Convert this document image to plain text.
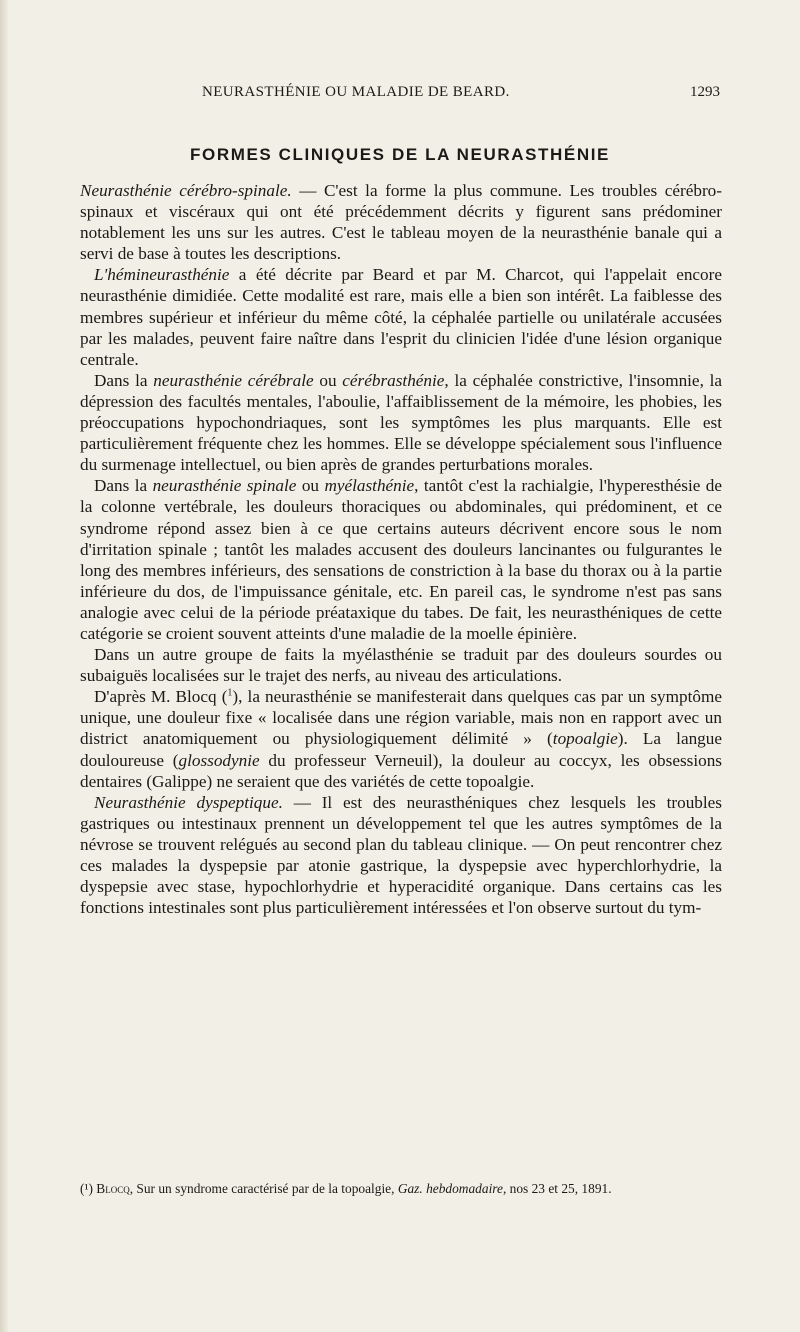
NEURASTHÉNIE OU MALADIE DE BEARD.	1293
FORMES CLINIQUES DE LA NEURASTHÉNIE

Neurasthénie cérébro-spinale. — C'est la forme la plus commune. Les troubles cérébro-spinaux et viscéraux qui ont été précédemment décrits y figurent sans prédominer notablement les uns sur les autres. C'est le tableau moyen de la neurasthénie banale qui a servi de base à toutes les descriptions.

L'hémineurasthénie a été décrite par Beard et par M. Charcot, qui l'appelait encore neurasthénie dimidiée. Cette modalité est rare, mais elle a bien son intérêt. La faiblesse des membres supérieur et inférieur du même côté, la céphalée partielle ou unilatérale accusées par les malades, peuvent faire naître dans l'esprit du clinicien l'idée d'une lésion organique centrale.

Dans la neurasthénie cérébrale ou cérébrasthénie, la céphalée constrictive, l'insomnie, la dépression des facultés mentales, l'aboulie, l'affaiblissement de la mémoire, les phobies, les préoccupations hypochondriaques, sont les symptômes les plus marquants. Elle est particulièrement fréquente chez les hommes. Elle se développe spécialement sous l'influence du surmenage intellectuel, ou bien après de grandes perturbations morales.

Dans la neurasthénie spinale ou myélasthénie, tantôt c'est la rachialgie, l'hyperesthésie de la colonne vertébrale, les douleurs thoraciques ou abdominales, qui prédominent, et ce syndrome répond assez bien à ce que certains auteurs décrivent encore sous le nom d'irritation spinale ; tantôt les malades accusent des douleurs lancinantes ou fulgurantes le long des membres inférieurs, des sensations de constriction à la base du thorax ou à la partie inférieure du dos, de l'impuissance génitale, etc. En pareil cas, le syndrome n'est pas sans analogie avec celui de la période préataxique du tabes. De fait, les neurasthéniques de cette catégorie se croient souvent atteints d'une maladie de la moelle épinière.

Dans un autre groupe de faits la myélasthénie se traduit par des douleurs sourdes ou subaiguës localisées sur le trajet des nerfs, au niveau des articulations.

D'après M. Blocq ($^1$), la neurasthénie se manifesterait dans quelques cas par un symptôme unique, une douleur fixe « localisée dans une région variable, mais non en rapport avec un district anatomiquement ou physiologiquement délimité » (topoalgie). La langue douloureuse (glossodynie du professeur Verneuil), la douleur au coccyx, les obsessions dentaires (Galippe) ne seraient que des variétés de cette topoalgie.

Neurasthénie dyspeptique. — Il est des neurasthéniques chez lesquels les troubles gastriques ou intestinaux prennent un développement tel que les autres symptômes de la névrose se trouvent relégués au second plan du tableau clinique. — On peut rencontrer chez ces malades la dyspepsie par atonie gastrique, la dyspepsie avec hyperchlorhydrie, la dyspepsie avec stase, hypochlorhydrie et hyperacidité organique. Dans certains cas les fonctions intestinales sont plus particulièrement intéressées et l'on observe surtout du tym-

(¹) Blocq, Sur un syndrome caractérisé par de la topoalgie, Gaz. hebdomadaire, nos 23 et 25, 1891.
